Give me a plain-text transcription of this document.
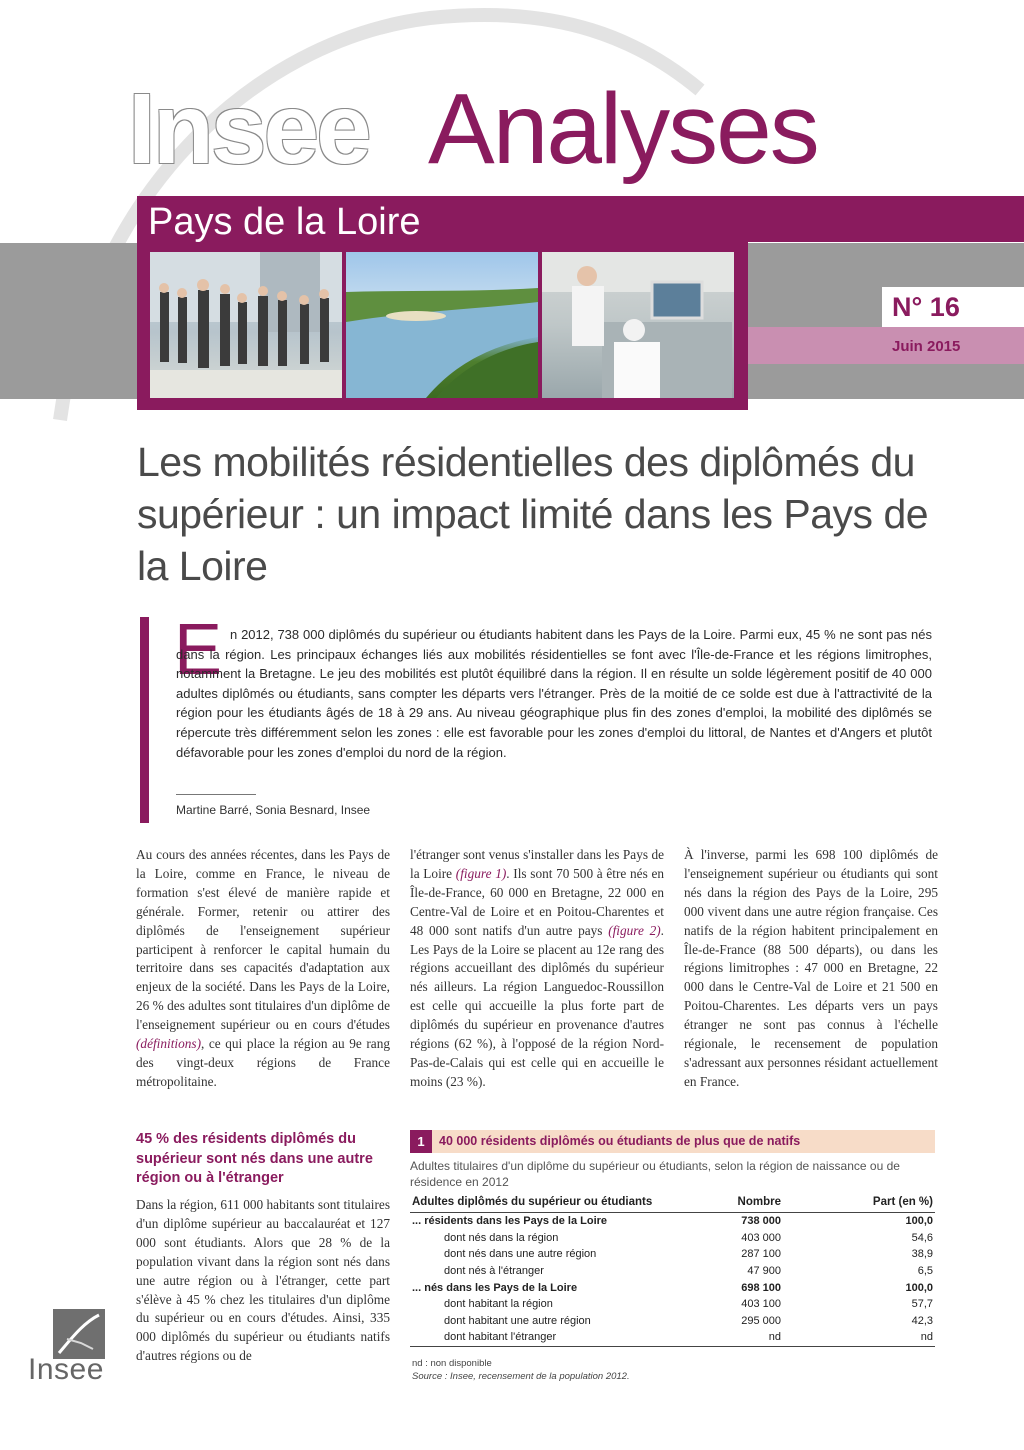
Insee Analyses
Pays de la Loire
N° 16
Juin 2015
Les mobilités résidentielles des diplômés du supérieur : un impact limité dans les Pays de la Loire
E n 2012, 738 000 diplômés du supérieur ou étudiants habitent dans les Pays de la Loire. Parmi eux, 45 % ne sont pas nés dans la région. Les principaux échanges liés aux mobilités résidentielles se font avec l'Île-de-France et les régions limitrophes, notamment la Bretagne. Le jeu des mobilités est plutôt équilibré dans la région. Il en résulte un solde légèrement positif de 40 000 adultes diplômés ou étudiants, sans compter les départs vers l'étranger. Près de la moitié de ce solde est due à l'attractivité de la région pour les étudiants âgés de 18 à 29 ans. Au niveau géographique plus fin des zones d'emploi, la mobilité des diplômés se répercute très différemment selon les zones : elle est favorable pour les zones d'emploi du littoral, de Nantes et d'Angers et plutôt défavorable pour les zones d'emploi du nord de la région.
Martine Barré, Sonia Besnard, Insee
Au cours des années récentes, dans les Pays de la Loire, comme en France, le niveau de formation s'est élevé de manière rapide et générale. Former, retenir ou attirer des diplômés de l'enseignement supérieur participent à renforcer le capital humain du territoire dans ses capacités d'adaptation aux enjeux de la société. Dans les Pays de la Loire, 26 % des adultes sont titulaires d'un diplôme de l'enseignement supérieur ou en cours d'études (définitions), ce qui place la région au 9e rang des vingt-deux régions de France métropolitaine.
l'étranger sont venus s'installer dans les Pays de la Loire (figure 1). Ils sont 70 500 à être nés en Île-de-France, 60 000 en Bretagne, 22 000 en Centre-Val de Loire et en Poitou-Charentes et 48 000 sont natifs d'un autre pays (figure 2). Les Pays de la Loire se placent au 12e rang des régions accueillant des diplômés du supérieur nés ailleurs. La région Languedoc-Roussillon est celle qui accueille la plus forte part de diplômés du supérieur en provenance d'autres régions (62 %), à l'opposé de la région Nord-Pas-de-Calais qui est celle qui en accueille le moins (23 %).
À l'inverse, parmi les 698 100 diplômés de l'enseignement supérieur ou étudiants qui sont nés dans la région des Pays de la Loire, 295 000 vivent dans une autre région française. Ces natifs de la région habitent principalement en Île-de-France (88 500 départs), ou dans les régions limitrophes : 47 000 en Bretagne, 22 000 dans le Centre-Val de Loire et 21 500 en Poitou-Charentes. Les départs vers un pays étranger ne sont pas connus à l'échelle régionale, le recensement de population s'adressant aux personnes résidant actuellement en France.
45 % des résidents diplômés du supérieur sont nés dans une autre région ou à l'étranger
Dans la région, 611 000 habitants sont titulaires d'un diplôme supérieur au baccalauréat et 127 000 sont étudiants. Alors que 28 % de la population vivant dans la région sont nés dans une autre région ou à l'étranger, cette part s'élève à 45 % chez les titulaires d'un diplôme du supérieur ou en cours d'études. Ainsi, 335 000 diplômés du supérieur ou étudiants natifs d'autres régions ou de
1	40 000 résidents diplômés ou étudiants de plus que de natifs
Adultes titulaires d'un diplôme du supérieur ou étudiants, selon la région de naissance ou de résidence en 2012
Adultes diplômés du supérieur ou étudiants	Nombre	Part (en %)
... résidents dans les Pays de la Loire	738 000	100,0
dont nés dans la région	403 000	54,6
dont nés dans une autre région	287 100	38,9
dont nés à l'étranger	47 900	6,5
... nés dans les Pays de la Loire	698 100	100,0
dont habitant la région	403 100	57,7
dont habitant une autre région	295 000	42,3
dont habitant l'étranger	nd	nd
nd : non disponible
Source : Insee, recensement de la population 2012.
Insee
